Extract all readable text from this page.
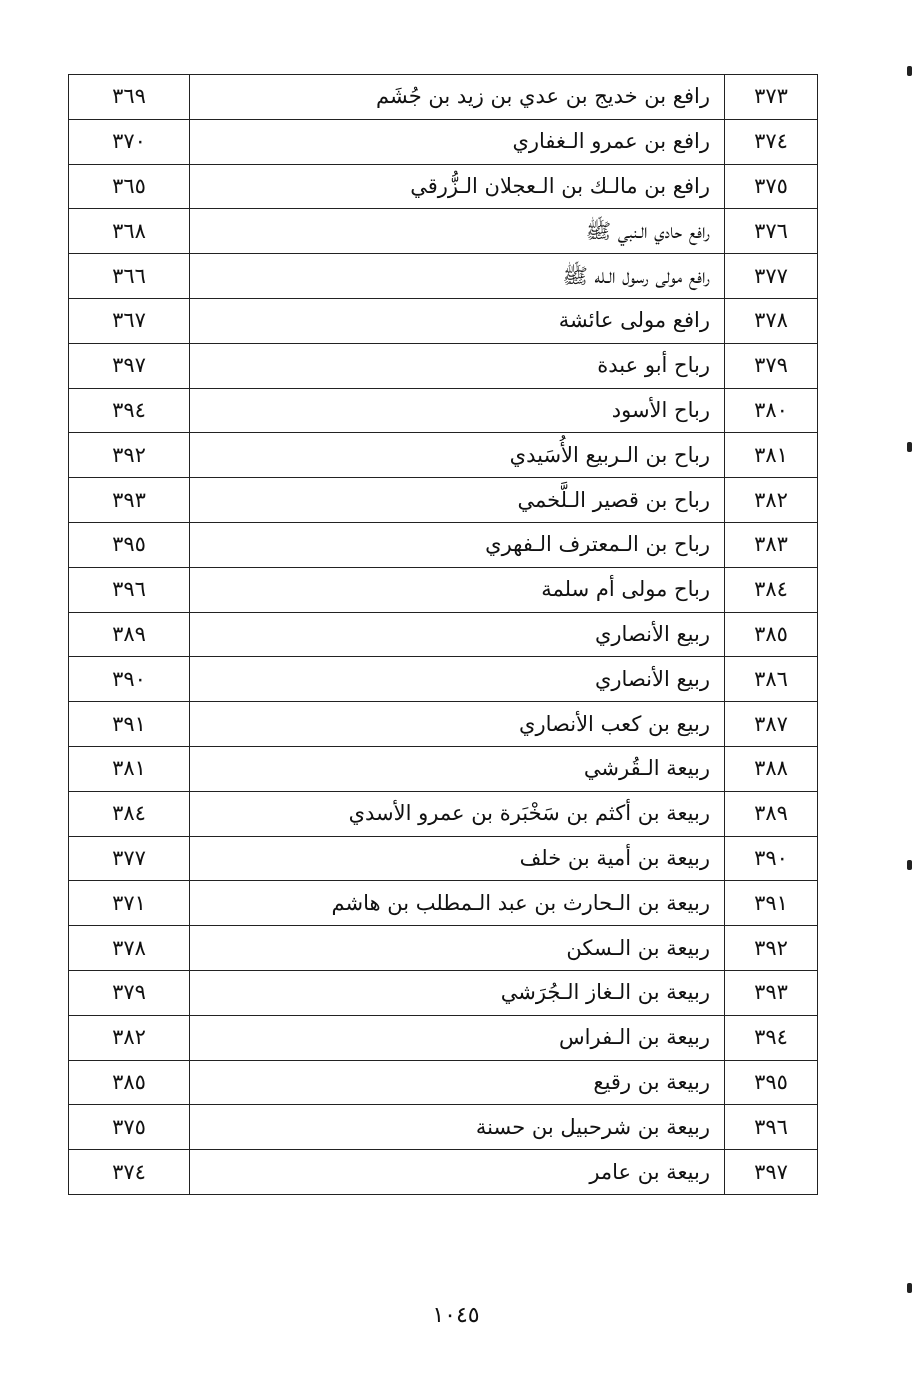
٣٧٣	رافع بن خديج بن عدي بن زيد بن جُشَم	٣٦٩
٣٧٤	رافع بن عمرو الـغفاري	٣٧٠
٣٧٥	رافع بن مالـك بن الـعجلان الـزُّرقي	٣٦٥
٣٧٦	رافع حادي الـنبي ﷺ	٣٦٨
٣٧٧	رافع مولى رسول الـله ﷺ	٣٦٦
٣٧٨	رافع مولى عائشة	٣٦٧
٣٧٩	رباح أبو عبدة	٣٩٧
٣٨٠	رباح الأسود	٣٩٤
٣٨١	رباح بن الـربيع الأُسَيدي	٣٩٢
٣٨٢	رباح بن قصير الـلَّخمي	٣٩٣
٣٨٣	رباح بن الـمعترف الـفهري	٣٩٥
٣٨٤	رباح مولى أم سلمة	٣٩٦
٣٨٥	ربيع الأنصاري	٣٨٩
٣٨٦	ربيع الأنصاري	٣٩٠
٣٨٧	ربيع بن كعب الأنصاري	٣٩١
٣٨٨	ربيعة الـقُرشي	٣٨١
٣٨٩	ربيعة بن أكثم بن سَخْبَرة بن عمرو الأسدي	٣٨٤
٣٩٠	ربيعة بن أمية بن خلف	٣٧٧
٣٩١	ربيعة بن الـحارث بن عبد الـمطلب بن هاشم	٣٧١
٣٩٢	ربيعة بن الـسكن	٣٧٨
٣٩٣	ربيعة بن الـغاز الـجُرَشي	٣٧٩
٣٩٤	ربيعة بن الـفراس	٣٨٢
٣٩٥	ربيعة بن رقيع	٣٨٥
٣٩٦	ربيعة بن شرحبيل بن حسنة	٣٧٥
٣٩٧	ربيعة بن عامر	٣٧٤
١٠٤٥
